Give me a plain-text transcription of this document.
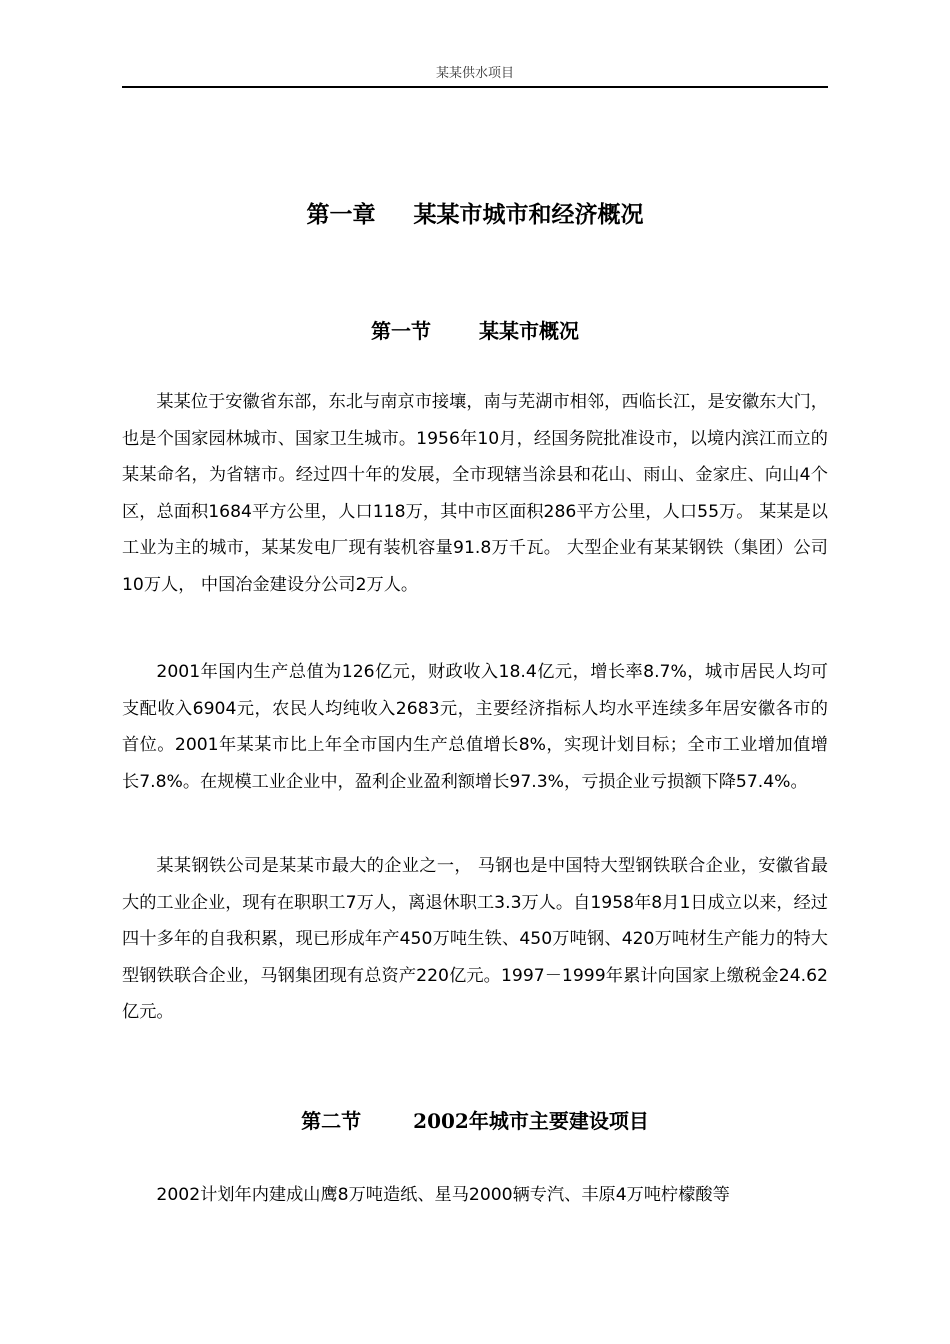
某某供水项目
第一章 某某市城市和经济概况
第一节 某某市概况

某某位于安徽省东部，东北与南京市接壤，南与芜湖市相邻，西临长江，是安徽东大门，也是个国家园林城市、国家卫生城市。1956年10月，经国务院批准设市，以境内滨江而立的某某命名，为省辖市。经过四十年的发展，全市现辖当涂县和花山、雨山、金家庄、向山4个区，总面积1684平方公里，人口118万，其中市区面积286平方公里，人口55万。 某某是以工业为主的城市，某某发电厂现有装机容量91.8万千瓦。 大型企业有某某钢铁（集团）公司10万人， 中国冶金建设分公司2万人。

2001年国内生产总值为126亿元，财政收入18.4亿元，增长率8.7%，城市居民人均可支配收入6904元，农民人均纯收入2683元，主要经济指标人均水平连续多年居安徽各市的首位。2001年某某市比上年全市国内生产总值增长8%，实现计划目标；全市工业增加值增长7.8%。在规模工业企业中，盈利企业盈利额增长97.3%，亏损企业亏损额下降57.4%。

某某钢铁公司是某某市最大的企业之一， 马钢也是中国特大型钢铁联合企业，安徽省最大的工业企业，现有在职职工7万人，离退休职工3.3万人。自1958年8月1日成立以来，经过四十多年的自我积累，现已形成年产450万吨生铁、450万吨钢、420万吨材生产能力的特大型钢铁联合企业，马钢集团现有总资产220亿元。1997－1999年累计向国家上缴税金24.62亿元。

第二节	2002年城市主要建设项目

2002计划年内建成山鹰8万吨造纸、星马2000辆专汽、丰原4万吨柠檬酸等
